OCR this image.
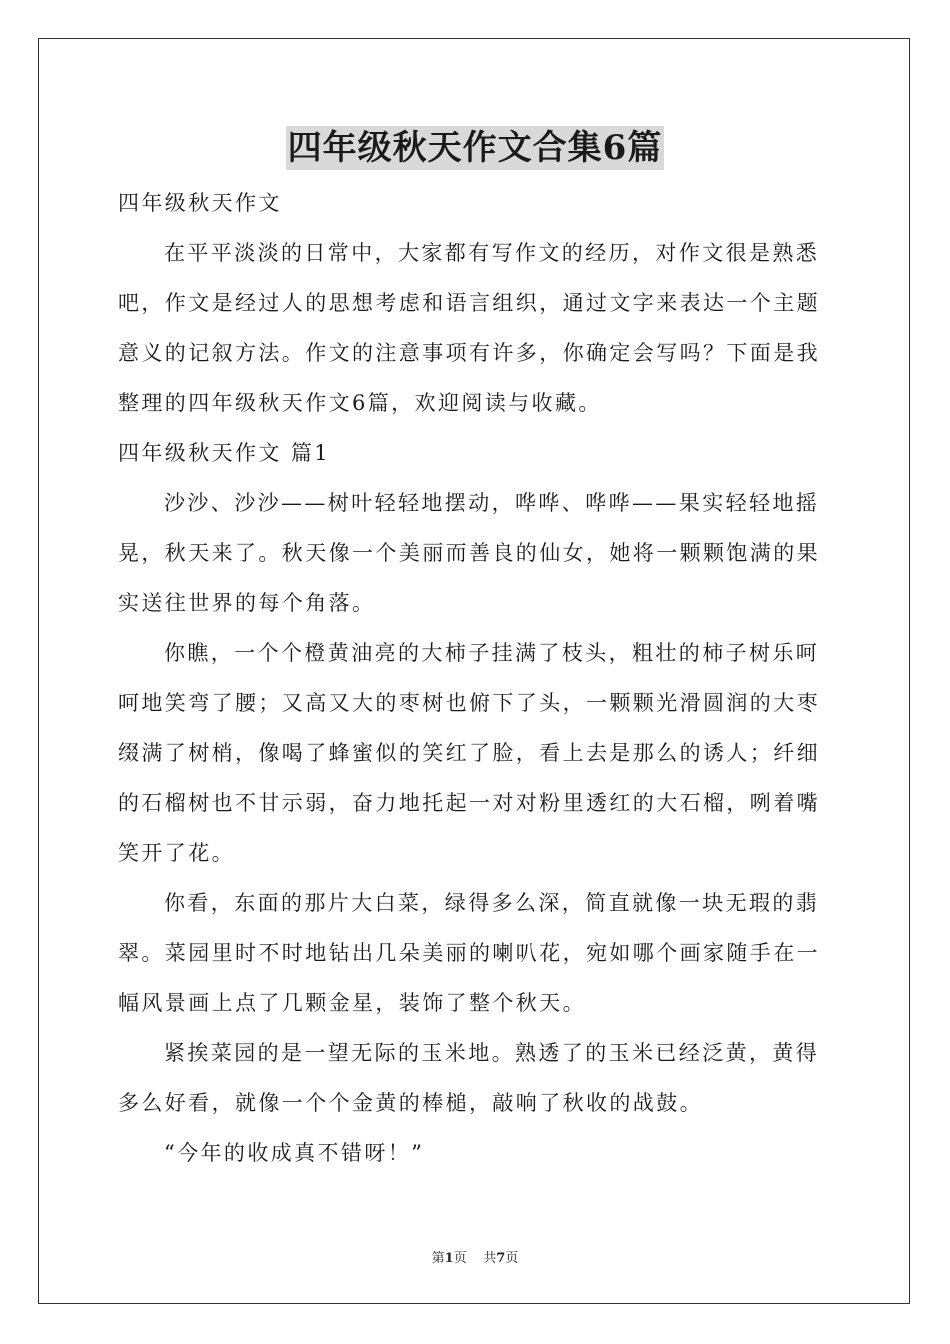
四年级秋天作文合集6篇

四年级秋天作文

在平平淡淡的日常中，大家都有写作文的经历，对作文很是熟悉

吧，作文是经过人的思想考虑和语言组织，通过文字来表达一个主题

意义的记叙方法。作文的注意事项有许多，你确定会写吗？下面是我

整理的四年级秋天作文6篇，欢迎阅读与收藏。

四年级秋天作文 篇1

沙沙、沙沙——树叶轻轻地摆动，哗哗、哗哗——果实轻轻地摇

晃，秋天来了。秋天像一个美丽而善良的仙女，她将一颗颗饱满的果

实送往世界的每个角落。

你瞧，一个个橙黄油亮的大柿子挂满了枝头，粗壮的柿子树乐呵

呵地笑弯了腰；又高又大的枣树也俯下了头，一颗颗光滑圆润的大枣

缀满了树梢，像喝了蜂蜜似的笑红了脸，看上去是那么的诱人；纤细

的石榴树也不甘示弱，奋力地托起一对对粉里透红的大石榴，咧着嘴

笑开了花。

你看，东面的那片大白菜，绿得多么深，简直就像一块无瑕的翡

翠。菜园里时不时地钻出几朵美丽的喇叭花，宛如哪个画家随手在一

幅风景画上点了几颗金星，装饰了整个秋天。

紧挨菜园的是一望无际的玉米地。熟透了的玉米已经泛黄，黄得

多么好看，就像一个个金黄的棒槌，敲响了秋收的战鼓。

“今年的收成真不错呀！”

第1页 共7页
